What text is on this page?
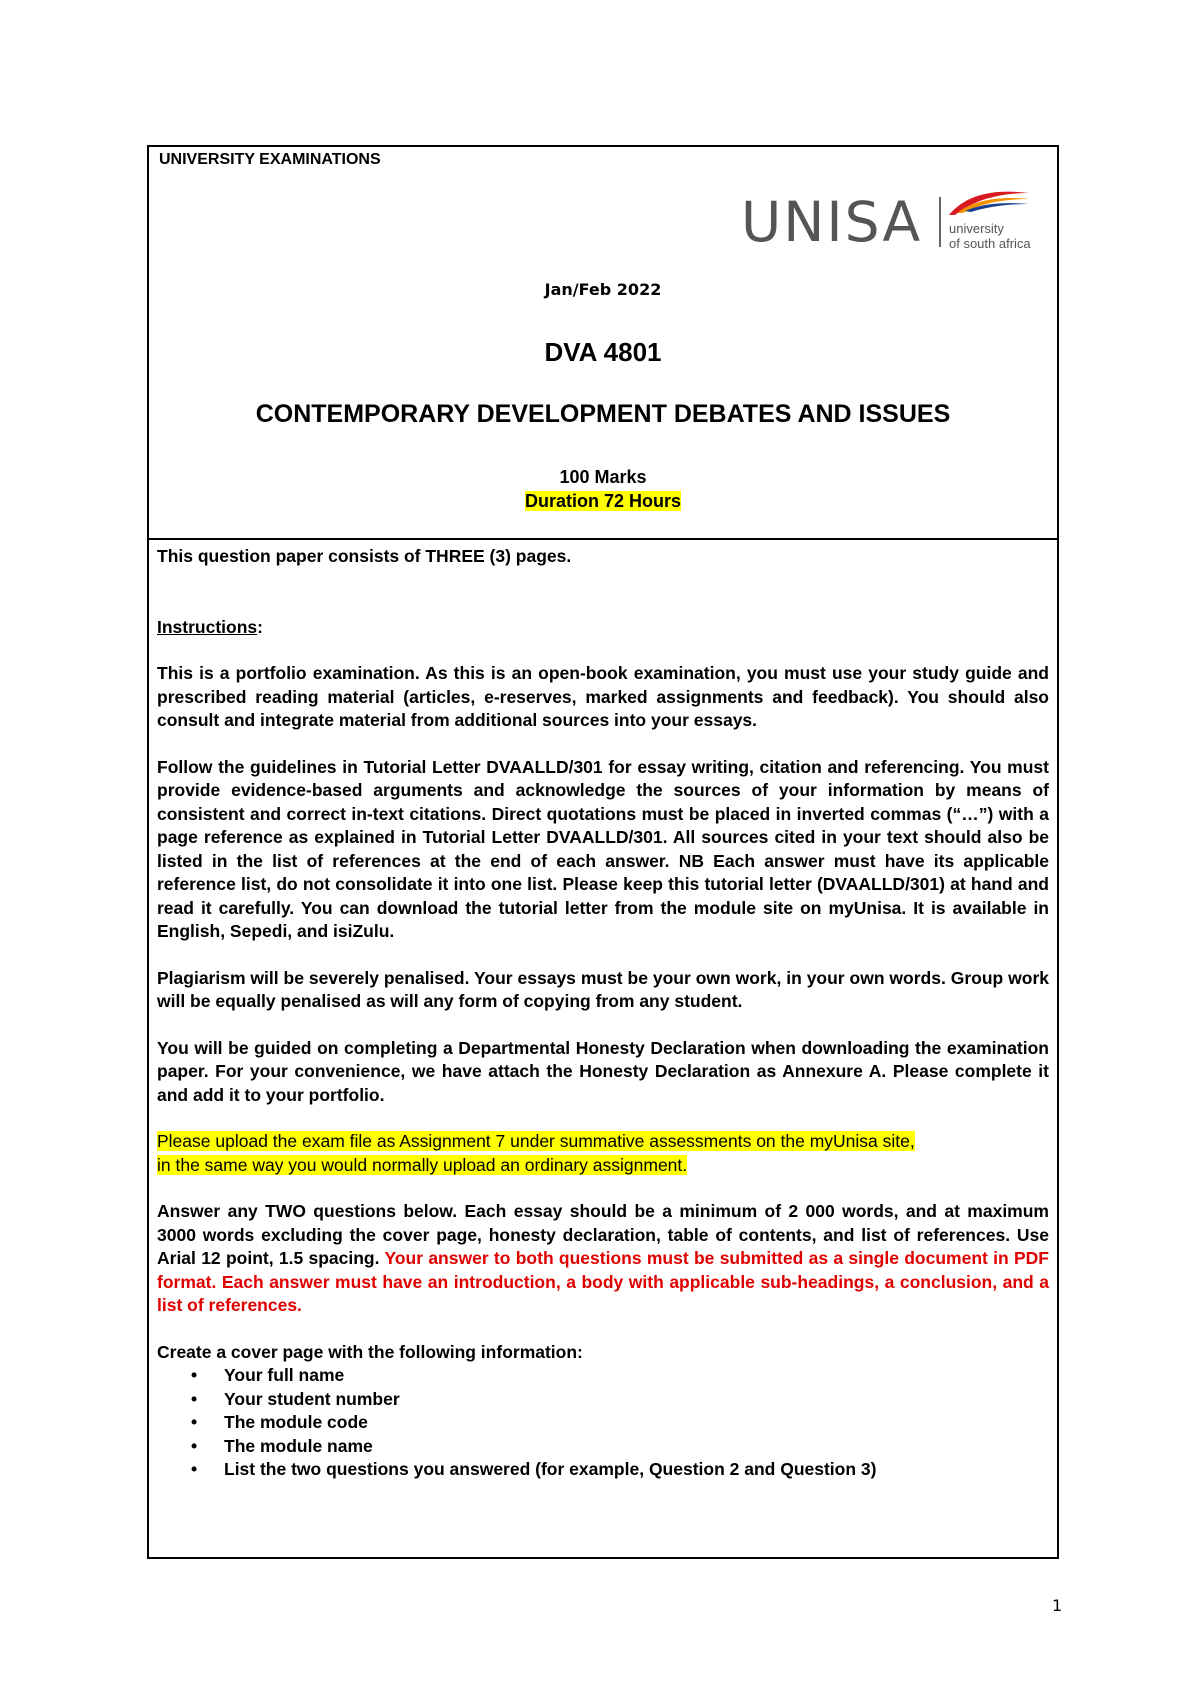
UNIVERSITY EXAMINATIONS
UNISA university
of south africa
Jan/Feb 2022
DVA 4801
CONTEMPORARY DEVELOPMENT DEBATES AND ISSUES
100 Marks
Duration 72 Hours

This question paper consists of THREE (3) pages.

Instructions:

This is a portfolio examination. As this is an open-book examination, you must use your study guide and prescribed reading material (articles, e-reserves, marked assignments and feedback). You should also consult and integrate material from additional sources into your essays.

Follow the guidelines in Tutorial Letter DVAALLD/301 for essay writing, citation and referencing. You must provide evidence-based arguments and acknowledge the sources of your information by means of consistent and correct in-text citations. Direct quotations must be placed in inverted commas (“…”) with a page reference as explained in Tutorial Letter DVAALLD/301. All sources cited in your text should also be listed in the list of references at the end of each answer. NB Each answer must have its applicable reference list, do not consolidate it into one list. Please keep this tutorial letter (DVAALLD/301) at hand and read it carefully. You can download the tutorial letter from the module site on myUnisa. It is available in English, Sepedi, and isiZulu.

Plagiarism will be severely penalised. Your essays must be your own work, in your own words. Group work will be equally penalised as will any form of copying from any student.

You will be guided on completing a Departmental Honesty Declaration when downloading the examination paper. For your convenience, we have attach the Honesty Declaration as Annexure A. Please complete it and add it to your portfolio.

Please upload the exam file as Assignment 7 under summative assessments on the myUnisa site,
in the same way you would normally upload an ordinary assignment.

Answer any TWO questions below. Each essay should be a minimum of 2 000 words, and at maximum 3000 words excluding the cover page, honesty declaration, table of contents, and list of references. Use Arial 12 point, 1.5 spacing. Your answer to both questions must be submitted as a single document in PDF format. Each answer must have an introduction, a body with applicable sub-headings, a conclusion, and a list of references.

Create a cover page with the following information:

• Your full name
• Your student number
• The module code
• The module name
• List the two questions you answered (for example, Question 2 and Question 3)
1
